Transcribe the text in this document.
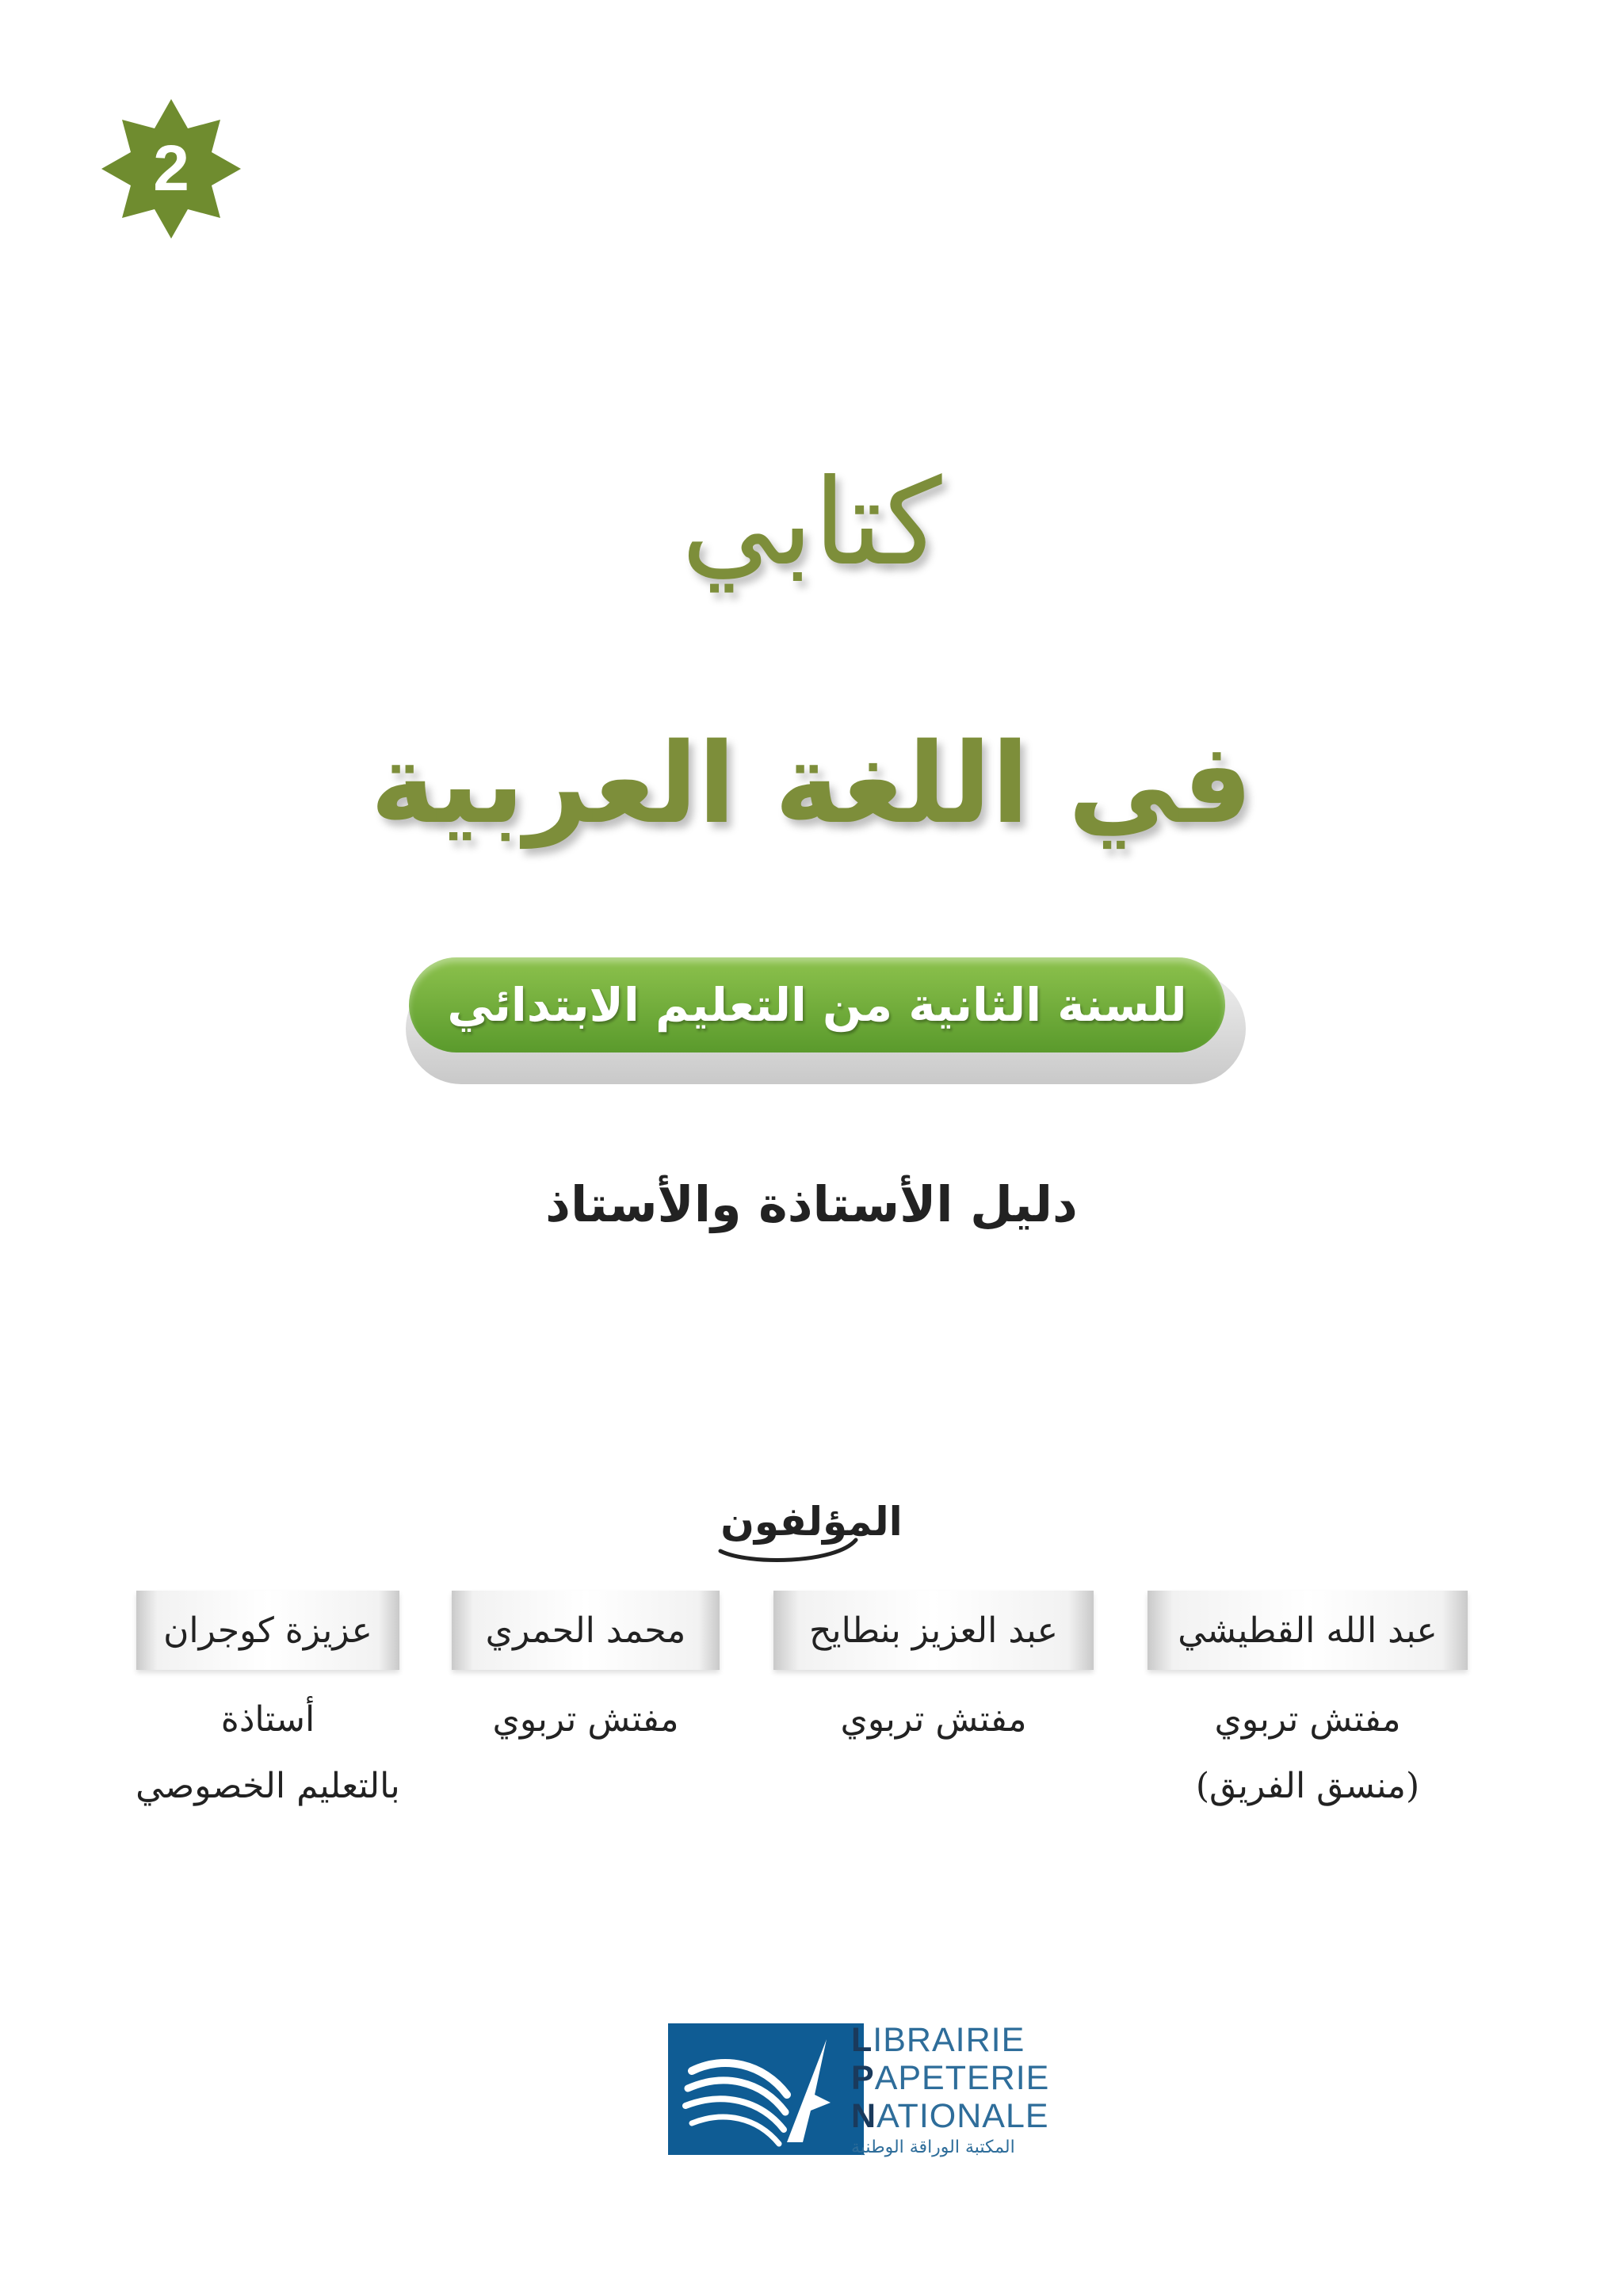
2
كتابي
في اللغة العربية
للسنة الثانية من التعليم الابتدائي
دليل الأستاذة والأستاذ
المؤلفون
عبد الله القطيشي
مفتش تربوي
(منسق الفريق)
عبد العزيز بنطايح
مفتش تربوي
محمد الحمري
مفتش تربوي
عزيزة كوجران
أستاذة
بالتعليم الخصوصي
LIBRAIRIE
PAPETERIE
NATIONALE
المكتبة الوراقة الوطنية
